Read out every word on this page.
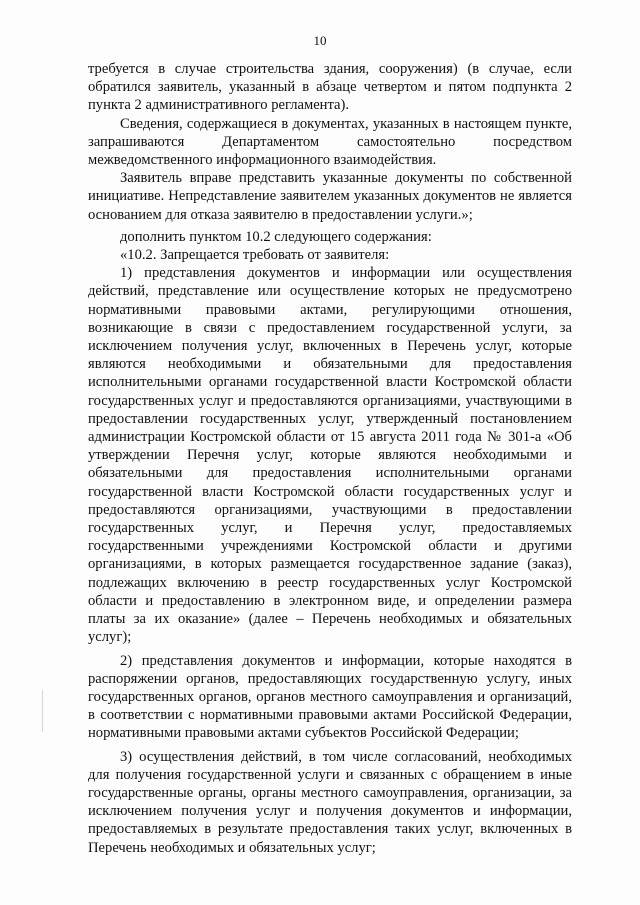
10

требуется в случае строительства здания, сооружения) (в случае, если обратился заявитель, указанный в абзаце четвертом и пятом подпункта 2 пункта 2 административного регламента).

Сведения, содержащиеся в документах, указанных в настоящем пункте, запрашиваются Департаментом самостоятельно посредством межведомственного информационного взаимодействия.

Заявитель вправе представить указанные документы по собственной инициативе. Непредставление заявителем указанных документов не является основанием для отказа заявителю в предоставлении услуги.»;

дополнить пунктом 10.2 следующего содержания:

«10.2. Запрещается требовать от заявителя:

1) представления документов и информации или осуществления действий, представление или осуществление которых не предусмотрено нормативными правовыми актами, регулирующими отношения, возникающие в связи с предоставлением государственной услуги, за исключением получения услуг, включенных в Перечень услуг, которые являются необходимыми и обязательными для предоставления исполнительными органами государственной власти Костромской области государственных услуг и предоставляются организациями, участвующими в предоставлении государственных услуг, утвержденный постановлением администрации Костромской области от 15 августа 2011 года № 301-а «Об утверждении Перечня услуг, которые являются необходимыми и обязательными для предоставления исполнительными органами государственной власти Костромской области государственных услуг и предоставляются организациями, участвующими в предоставлении государственных услуг, и Перечня услуг, предоставляемых государственными учреждениями Костромской области и другими организациями, в которых размещается государственное задание (заказ), подлежащих включению в реестр государственных услуг Костромской области и предоставлению в электронном виде, и определении размера платы за их оказание» (далее – Перечень необходимых и обязательных услуг);

2) представления документов и информации, которые находятся в распоряжении органов, предоставляющих государственную услугу, иных государственных органов, органов местного самоуправления и организаций, в соответствии с нормативными правовыми актами Российской Федерации, нормативными правовыми актами субъектов Российской Федерации;

3) осуществления действий, в том числе согласований, необходимых для получения государственной услуги и связанных с обращением в иные государственные органы, органы местного самоуправления, организации, за исключением получения услуг и получения документов и информации, предоставляемых в результате предоставления таких услуг, включенных в Перечень необходимых и обязательных услуг;
